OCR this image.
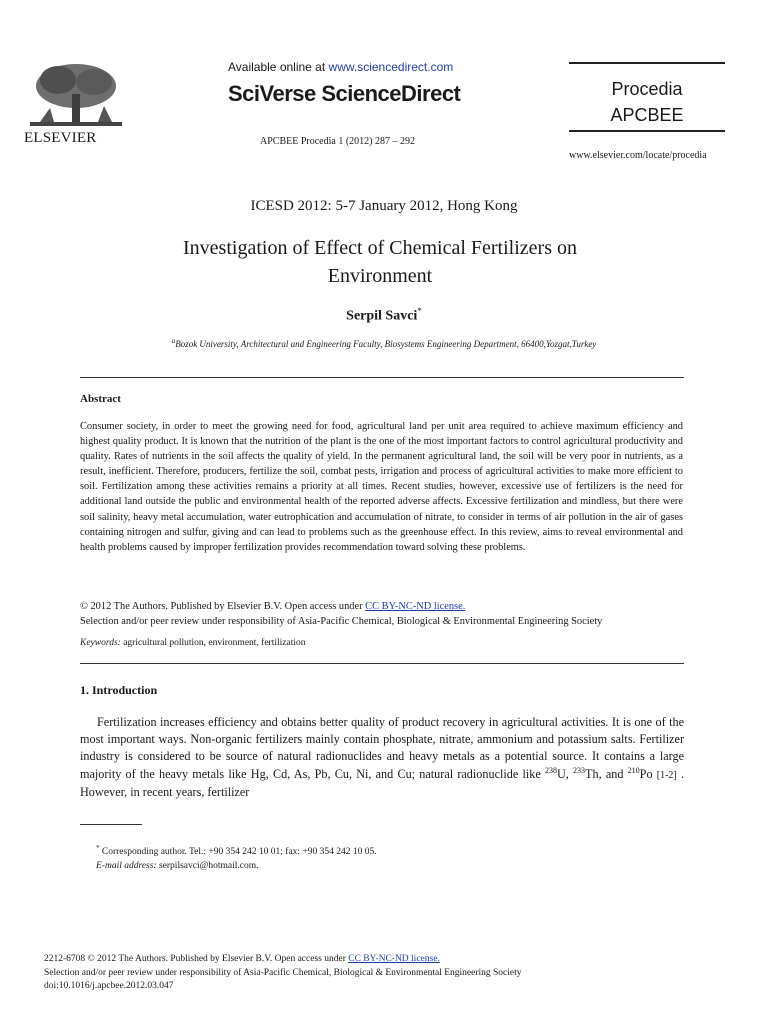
ELSEVIER
Available online at www.sciencedirect.com
SciVerse ScienceDirect
APCBEE Procedia 1 (2012) 287 – 292
Procedia
APCBEE
www.elsevier.com/locate/procedia
ICESD 2012: 5-7 January 2012, Hong Kong
Investigation of Effect of Chemical Fertilizers on
Environment
Serpil Savci*
$^a$Bozok University, Architectural and Engineering Faculty, Biosystems Engineering Department, 66400,Yozgat,Turkey
Abstract
Consumer society, in order to meet the growing need for food, agricultural land per unit area required to achieve maximum efficiency and highest quality product. It is known that the nutrition of the plant is the one of the most important factors to control agricultural productivity and quality. Rates of nutrients in the soil affects the quality of yield. In the permanent agricultural land, the soil will be very poor in nutrients, as a result, inefficient. Therefore, producers, fertilize the soil, combat pests, irrigation and process of agricultural activities to make more efficient to soil. Fertilization among these activities remains a priority at all times. Recent studies, however, excessive use of fertilizers is the need for additional land outside the public and environmental health of the reported adverse affects. Excessive fertilization and mindless, but there were soil salinity, heavy metal accumulation, water eutrophication and accumulation of nitrate, to consider in terms of air pollution in the air of gases containing nitrogen and sulfur, giving and can lead to problems such as the greenhouse effect. In this review, aims to reveal environmental and health problems caused by improper fertilization provides recommendation toward solving these problems.
© 2012 The Authors. Published by Elsevier B.V. Open access under CC BY-NC-ND license.
Selection and/or peer review under responsibility of Asia-Pacific Chemical, Biological & Environmental Engineering Society
Keywords: agricultural pollution, environment, fertilization
1. Introduction
Fertilization increases efficiency and obtains better quality of product recovery in agricultural activities. It is one of the most important ways. Non-organic fertilizers mainly contain phosphate, nitrate, ammonium and potassium salts. Fertilizer industry is considered to be source of natural radionuclides and heavy metals as a potential source. It contains a large majority of the heavy metals like Hg, Cd, As, Pb, Cu, Ni, and Cu; natural radionuclide like $^{238}$U, $^{233}$Th, and $^{210}$Po [1-2] . However, in recent years, fertilizer
* Corresponding author. Tel.: +90 354 242 10 01; fax: +90 354 242 10 05.
E-mail address: serpilsavci@hotmail.com.
2212-6708 © 2012 The Authors. Published by Elsevier B.V. Open access under CC BY-NC-ND license.
Selection and/or peer review under responsibility of Asia-Pacific Chemical, Biological & Environmental Engineering Society
doi:10.1016/j.apcbee.2012.03.047
